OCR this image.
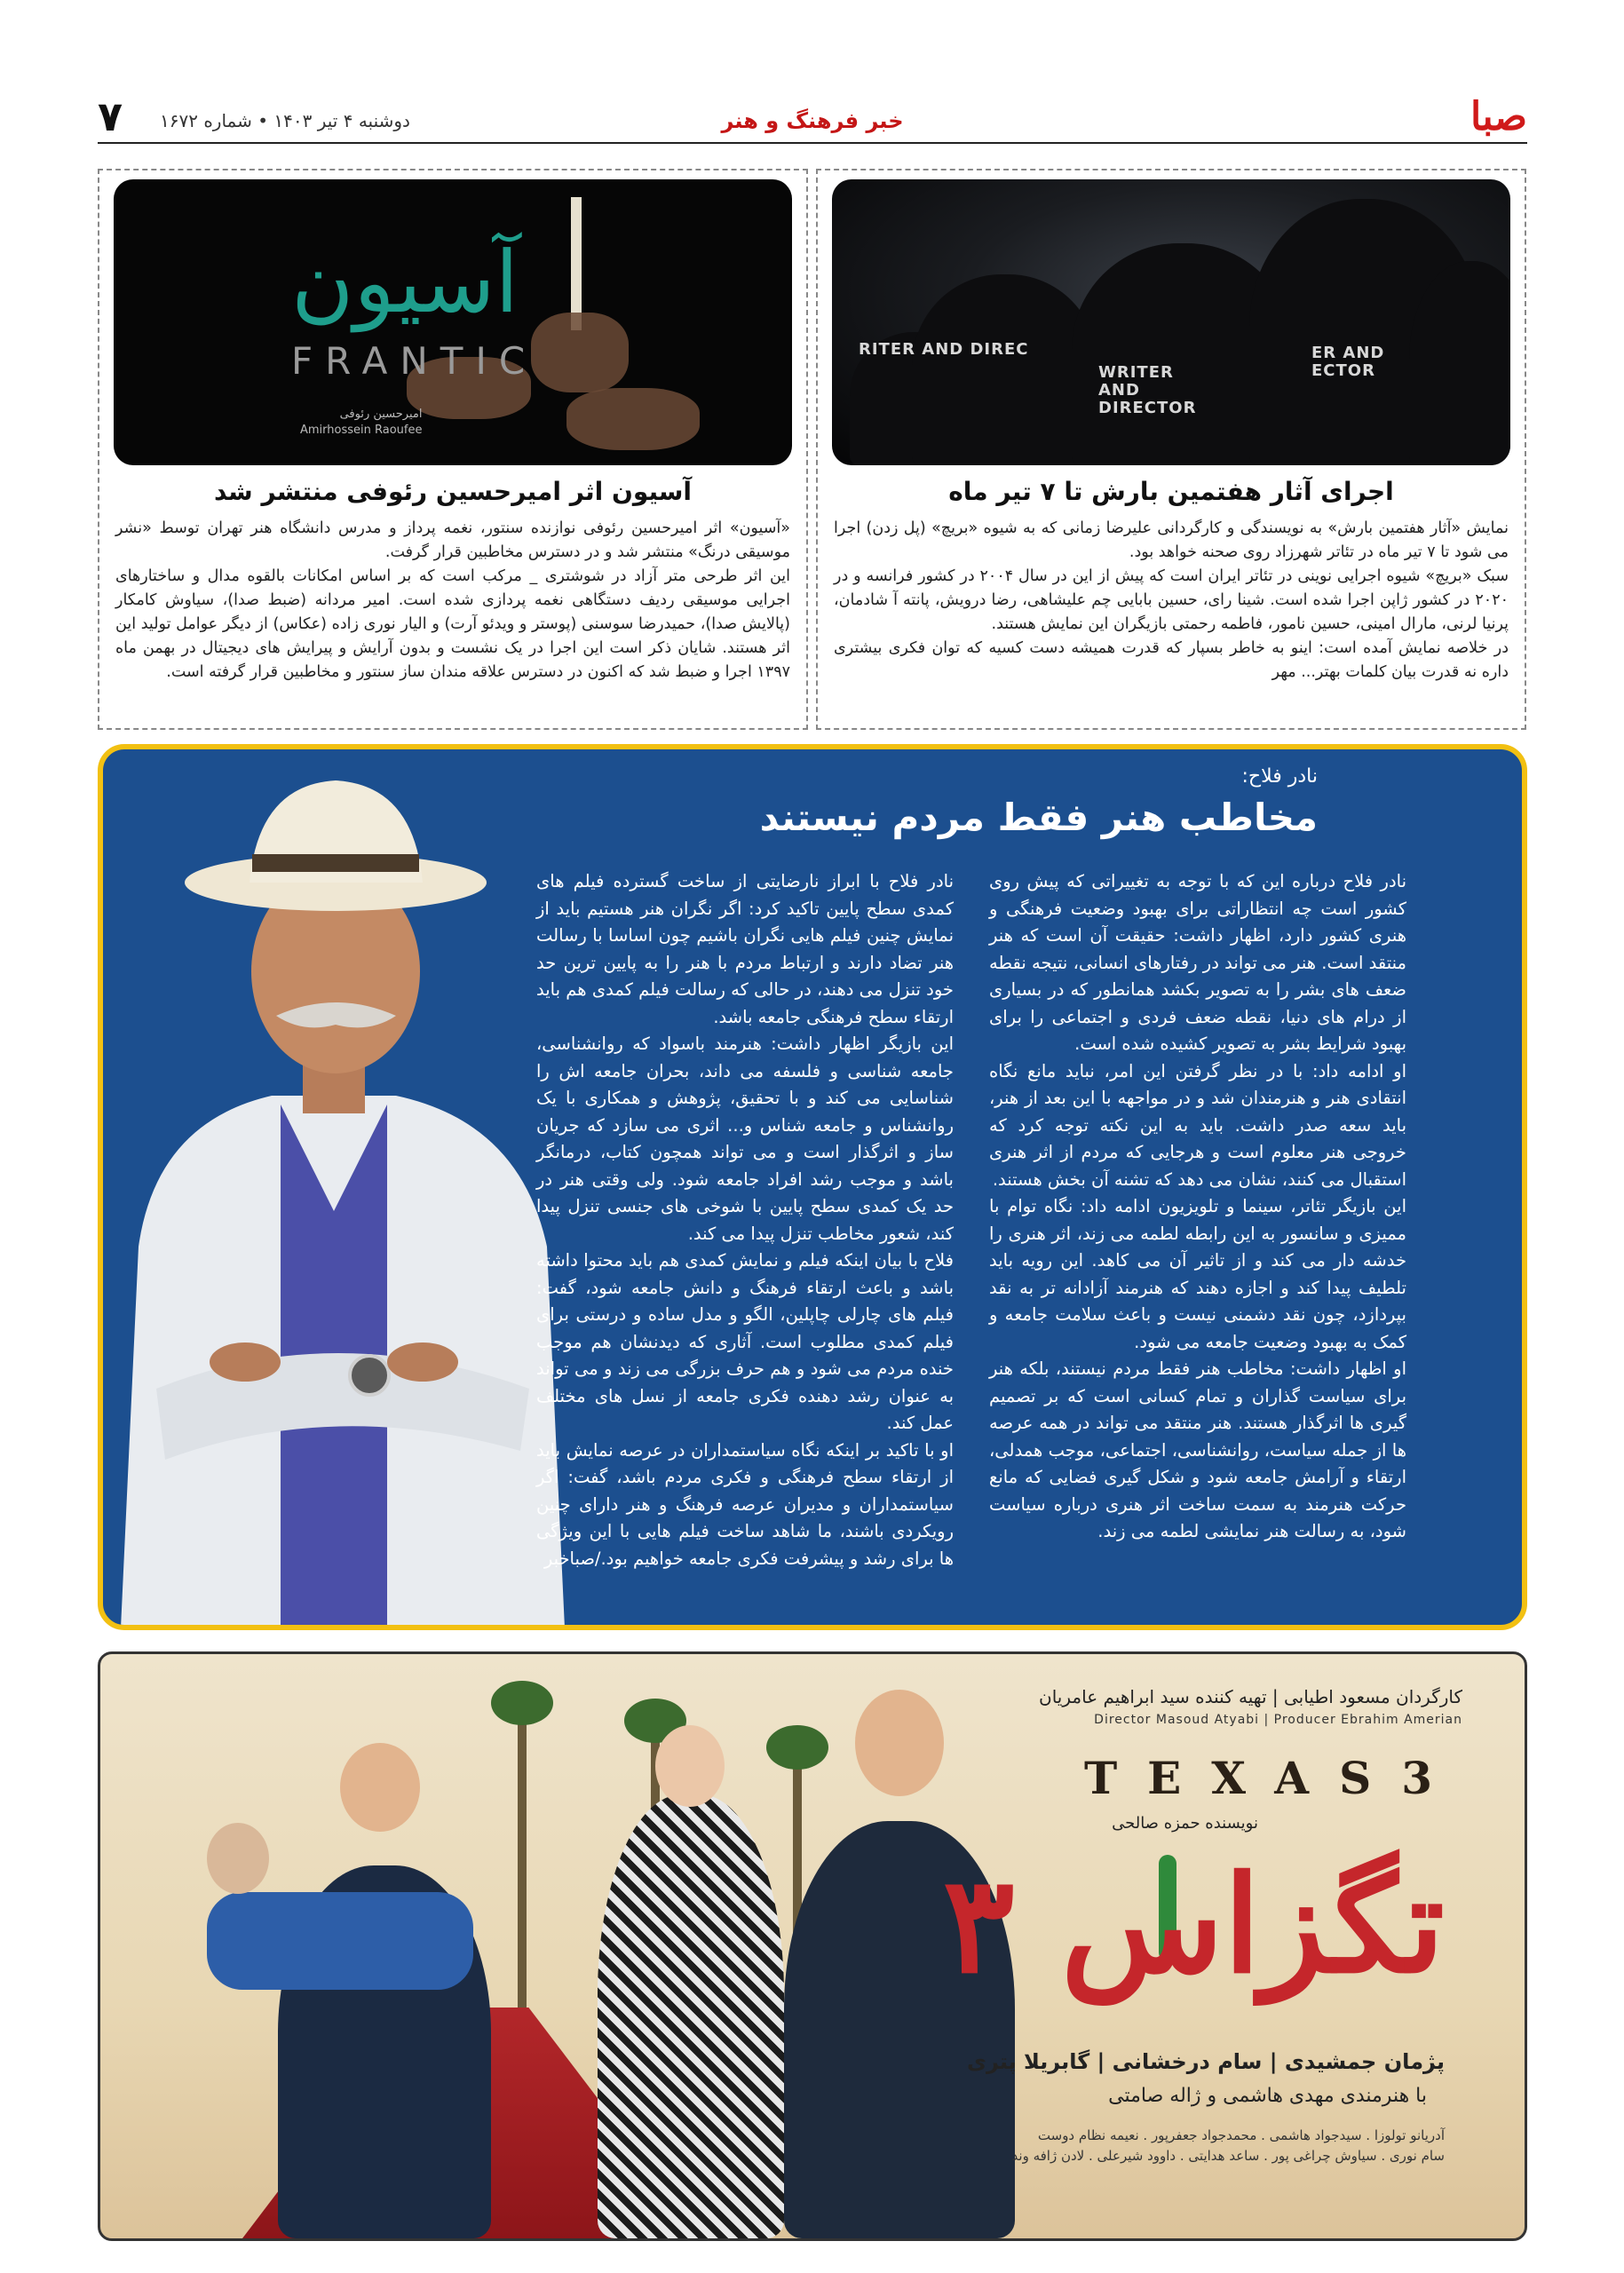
صبا
خبر فرهنگ و هنر
دوشنبه ۴ تیر ۱۴۰۳ • شماره ۱۶۷۲
۷
RITER AND DIREC
WRITER AND DIRECTOR
ER AND ECTOR
اجرای آثار هفتمین بارش تا ۷ تیر ماه
نمایش «آثار هفتمین بارش» به نویسندگی و کارگردانی علیرضا زمانی که به شیوه «بریچ» (پل زدن) اجرا می شود تا ۷ تیر ماه در تئاتر شهرزاد روی صحنه خواهد بود.
سبک «بریچ» شیوه اجرایی نوینی در تئاتر ایران است که پیش از این در سال ۲۰۰۴ در کشور فرانسه و در ۲۰۲۰ در کشور ژاپن اجرا شده است. شینا رای، حسین بابایی چم علیشاهی، رضا درویش، پانته آ شادمان، پرنیا لرنی، مارال امینی، حسین نامور، فاطمه رحمتی بازیگران این نمایش هستند.
در خلاصه نمایش آمده است: اینو به خاطر بسپار که قدرت همیشه دست کسیه که توان فکری بیشتری داره نه قدرت بیان کلمات بهتر... مهر
آسیون
FRANTIC
امیرحسین رئوفی
Amirhossein Raoufee
آسیون اثر امیرحسین رئوفی منتشر شد
«آسیون» اثر امیرحسین رئوفی نوازنده سنتور، نغمه پرداز و مدرس دانشگاه هنر تهران توسط «نشر موسیقی درنگ» منتشر شد و در دسترس مخاطبین قرار گرفت.
این اثر طرحی متر آزاد در شوشتری _ مرکب است که بر اساس امکانات بالقوه مدال و ساختارهای اجرایی موسیقی ردیف دستگاهی نغمه پردازی شده است. امیر مردانه (ضبط صدا)، سیاوش کامکار (پالایش صدا)، حمیدرضا سوسنی (پوستر و ویدئو آرت) و الیار نوری زاده (عکاس) از دیگر عوامل تولید این اثر هستند. شایان ذکر است این اجرا در یک نشست و بدون آرایش و پیرایش های دیجیتال در بهمن ماه ۱۳۹۷ اجرا و ضبط شد که اکنون در دسترس علاقه مندان ساز سنتور و مخاطبین قرار گرفته است.
نادر فلاح:
مخاطب هنر فقط مردم نیستند
نادر فلاح درباره این که با توجه به تغییراتی که پیش روی کشور است چه انتظاراتی برای بهبود وضعیت فرهنگی و هنری کشور دارد، اظهار داشت: حقیقت آن است که هنر منتقد است. هنر می تواند در رفتارهای انسانی، نتیجه نقطه ضعف های بشر را به تصویر بکشد همانطور که در بسیاری از درام های دنیا، نقطه ضعف فردی و اجتماعی را برای بهبود شرایط بشر به تصویر کشیده شده است.
او ادامه داد: با در نظر گرفتن این امر، نباید مانع نگاه انتقادی هنر و هنرمندان شد و در مواجهه با این بعد از هنر، باید سعه صدر داشت. باید به این نکته توجه کرد که خروجی هنر معلوم است و هرجایی که مردم از اثر هنری استقبال می کنند، نشان می دهد که تشنه آن بخش هستند.
این بازیگر تئاتر، سینما و تلویزیون ادامه داد: نگاه توام با ممیزی و سانسور به این رابطه لطمه می زند، اثر هنری را خدشه دار می کند و از تاثیر آن می کاهد. این رویه باید تلطیف پیدا کند و اجازه دهند که هنرمند آزادانه تر به نقد بپردازد، چون نقد دشمنی نیست و باعث سلامت جامعه و کمک به بهبود وضعیت جامعه می شود.
او اظهار داشت: مخاطب هنر فقط مردم نیستند، بلکه هنر برای سیاست گذاران و تمام کسانی است که بر تصمیم گیری ها اثرگذار هستند. هنر منتقد می تواند در همه عرصه ها از جمله سیاست، روانشناسی، اجتماعی، موجب همدلی، ارتقاء و آرامش جامعه شود و شکل گیری فضایی که مانع حرکت هنرمند به سمت ساخت اثر هنری درباره سیاست شود، به رسالت هنر نمایشی لطمه می زند.
نادر فلاح با ابراز نارضایتی از ساخت گسترده فیلم های کمدی سطح پایین تاکید کرد: اگر نگران هنر هستیم باید از نمایش چنین فیلم هایی نگران باشیم چون اساسا با رسالت هنر تضاد دارند و ارتباط مردم با هنر را به پایین ترین حد خود تنزل می دهند، در حالی که رسالت فیلم کمدی هم باید ارتقاء سطح فرهنگی جامعه باشد.
این بازیگر اظهار داشت: هنرمند باسواد که روانشناسی، جامعه شناسی و فلسفه می داند، بحران جامعه اش را شناسایی می کند و با تحقیق، پژوهش و همکاری با یک روانشناس و جامعه شناس و... اثری می سازد که جریان ساز و اثرگذار است و می تواند همچون کتاب، درمانگر باشد و موجب رشد افراد جامعه شود. ولی وقتی هنر در حد یک کمدی سطح پایین با شوخی های جنسی تنزل پیدا کند، شعور مخاطب تنزل پیدا می کند.
فلاح با بیان اینکه فیلم و نمایش کمدی هم باید محتوا داشته باشد و باعث ارتقاء فرهنگ و دانش جامعه شود، گفت: فیلم های چارلی چاپلین، الگو و مدل ساده و درستی برای فیلم کمدی مطلوب است. آثاری که دیدنشان هم موجب خنده مردم می شود و هم حرف بزرگی می زند و می تواند به عنوان رشد دهنده فکری جامعه از نسل های مختلف عمل کند.
او با تاکید بر اینکه نگاه سیاستمداران در عرصه نمایش باید از ارتقاء سطح فرهنگی و فکری مردم باشد، گفت: اگر سیاستمداران و مدیران عرصه فرهنگ و هنر دارای چنین رویکردی باشند، ما شاهد ساخت فیلم هایی با این ویژگی ها برای رشد و پیشرفت فکری جامعه خواهیم بود./صباخبر
کارگردان مسعود اطیابی | تهیه کننده سید ابراهیم عامریان
Director Masoud Atyabi | Producer Ebrahim Amerian
TEXAS3
نویسنده حمزه صالحی
تگزاس ۳
پژمان جمشیدی | سام درخشانی | گابریلا پتری
با هنرمندی مهدی هاشمی و ژاله صامتی
آدریانو تولوزا . سیدجواد هاشمی . محمدجواد جعفرپور . نعیمه نظام دوست
سام نوری . سیاوش چراغی پور . ساعد هدایتی . داوود شیرعلی . لادن ژافه وند
